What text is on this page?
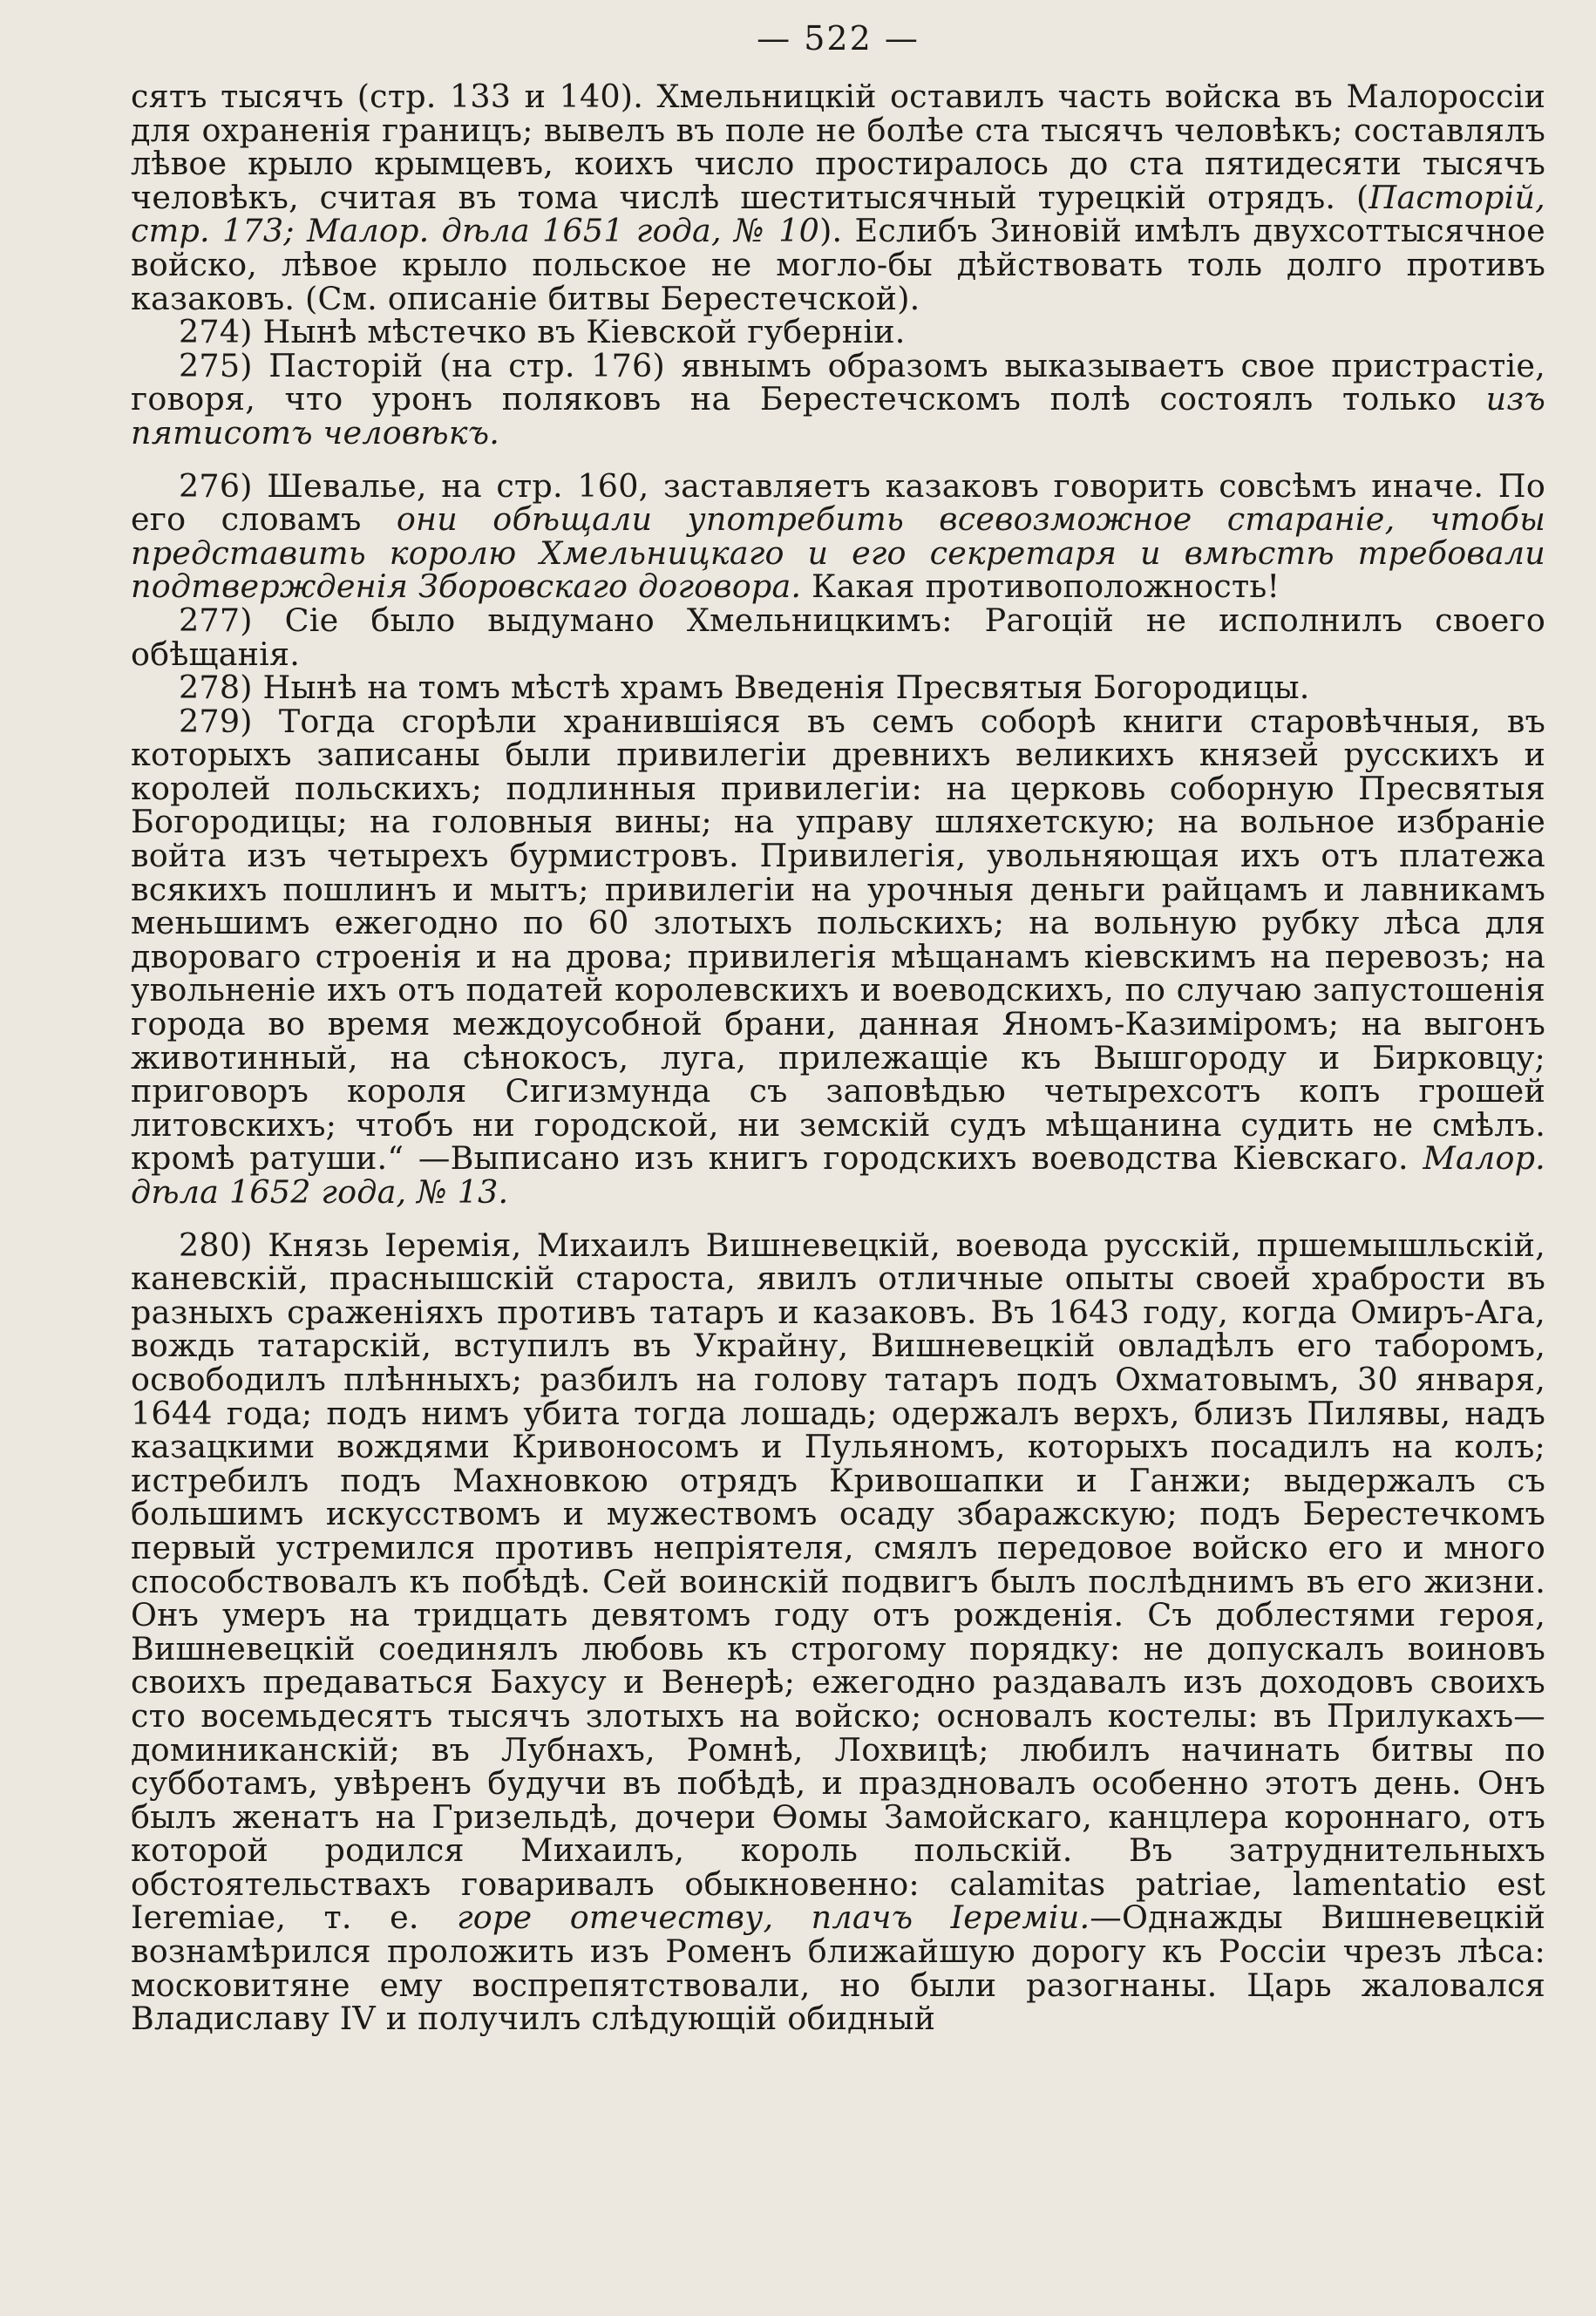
— 522 —

сятъ тысячъ (стр. 133 и 140). Хмельницкій оставилъ часть войска въ Малороссіи для охраненія границъ; вывелъ въ поле не болѣе ста тысячъ человѣкъ; составлялъ лѣвое крыло крымцевъ, коихъ число простиралось до ста пятидесяти тысячъ человѣкъ, считая въ тома числѣ шеститысячный турецкій отрядъ. (Пасторій, стр. 173; Малор. дѣла 1651 года, № 10). Еслибъ Зиновій имѣлъ двухсоттысячное войско, лѣвое крыло польское не могло-бы дѣйствовать толь долго противъ казаковъ. (См. описаніе битвы Берестечской).

274) Нынѣ мѣстечко въ Кіевской губерніи.

275) Пасторій (на стр. 176) явнымъ образомъ выказываетъ свое пристрастіе, говоря, что уронъ поляковъ на Берестечскомъ полѣ состоялъ только изъ пятисотъ человѣкъ.

276) Шевалье, на стр. 160, заставляетъ казаковъ говорить совсѣмъ иначе. По его словамъ они обѣщали употребить всевозможное стараніе, чтобы представить королю Хмельницкаго и его секретаря и вмѣстѣ требовали подтвержденія Зборовскаго договора. Какая противоположность!

277) Сіе было выдумано Хмельницкимъ: Рагоцій не исполнилъ своего обѣщанія.

278) Нынѣ на томъ мѣстѣ храмъ Введенія Пресвятыя Богородицы.

279) Тогда сгорѣли хранившіяся въ семъ соборѣ книги старовѣчныя, въ которыхъ записаны были привилегіи древнихъ великихъ князей русскихъ и королей польскихъ; подлинныя привилегіи: на церковь соборную Пресвятыя Богородицы; на головныя вины; на управу шляхетскую; на вольное избраніе войта изъ четырехъ бурмистровъ. Привилегія, увольняющая ихъ отъ платежа всякихъ пошлинъ и мытъ; привилегіи на урочныя деньги райцамъ и лавникамъ меньшимъ ежегодно по 60 злотыхъ польскихъ; на вольную рубку лѣса для дворовагo строенія и на дрова; привилегія мѣщанамъ кіевскимъ на перевозъ; на увольненіе ихъ отъ податей королевскихъ и воеводскихъ, по случаю запустошенія города во время междоусобной брани, данная Яномъ-Казиміромъ; на выгонъ животинный, на сѣнокосъ, луга, прилежащіе къ Вышгороду и Бирковцу; приговоръ короля Сигизмунда съ заповѣдью четырехсотъ копъ грошей литовскихъ; чтобъ ни городской, ни земскій судъ мѣщанина судить не смѣлъ. кромѣ ратуши.“ —Выписано изъ книгъ городскихъ воеводства Кіевскаго. Малор. дѣла 1652 года, № 13.

280) Князь Іеремія, Михаилъ Вишневецкій, воевода русскій, пршемышльскій, каневскій, праснышскій староста, явилъ отличные опыты своей храбрости въ разныхъ сраженіяхъ противъ татаръ и казаковъ. Въ 1643 году, когда Омиръ-Ага, вождь татарскій, вступилъ въ Украйну, Вишневецкій овладѣлъ его таборомъ, освободилъ плѣнныхъ; разбилъ на голову татаръ подъ Охматовымъ, 30 января, 1644 года; подъ нимъ убита тогда лошадь; одержалъ верхъ, близъ Пилявы, надъ казацкими вождями Кривоносомъ и Пульяномъ, которыхъ посадилъ на колъ; истребилъ подъ Махновкою отрядъ Кривошапки и Ганжи; выдержалъ съ большимъ искусствомъ и мужествомъ осаду збаражскую; подъ Берестечкомъ первый устремился противъ непріятеля, смялъ передовое войско его и много способствовалъ къ побѣдѣ. Сей воинскій подвигъ былъ послѣднимъ въ его жизни. Онъ умеръ на тридцать девятомъ году отъ рожденія. Съ доблестями героя, Вишневецкій соединялъ любовь къ строгому порядку: не допускалъ воиновъ своихъ предаваться Бахусу и Венерѣ; ежегодно раздавалъ изъ доходовъ своихъ сто восемьдесятъ тысячъ злотыхъ на войско; основалъ костелы: въ Прилукахъ—доминиканскій; въ Лубнахъ, Ромнѣ, Лохвицѣ; любилъ начинать битвы по субботамъ, увѣренъ будучи въ побѣдѣ, и праздновалъ особенно этотъ день. Онъ былъ женатъ на Гризельдѣ, дочери Ѳомы Замойскаго, канцлера коронна​го, отъ которой родился Михаилъ, король польскій. Въ затруднительныхъ обстоятельствахъ говаривалъ обыкновенно: calamitas patriae, lamentatio est Ieremiae, т. е. горе отечеству, плачъ Іереміи.—Однажды Вишневецкій вознамѣрился проложить изъ Роменъ ближайшую дорогу къ Россіи чрезъ лѣса: московитяне ему воспрепятствовали, но были разогнаны. Царь жаловался Владиславу IV и получилъ слѣдующій обидный
